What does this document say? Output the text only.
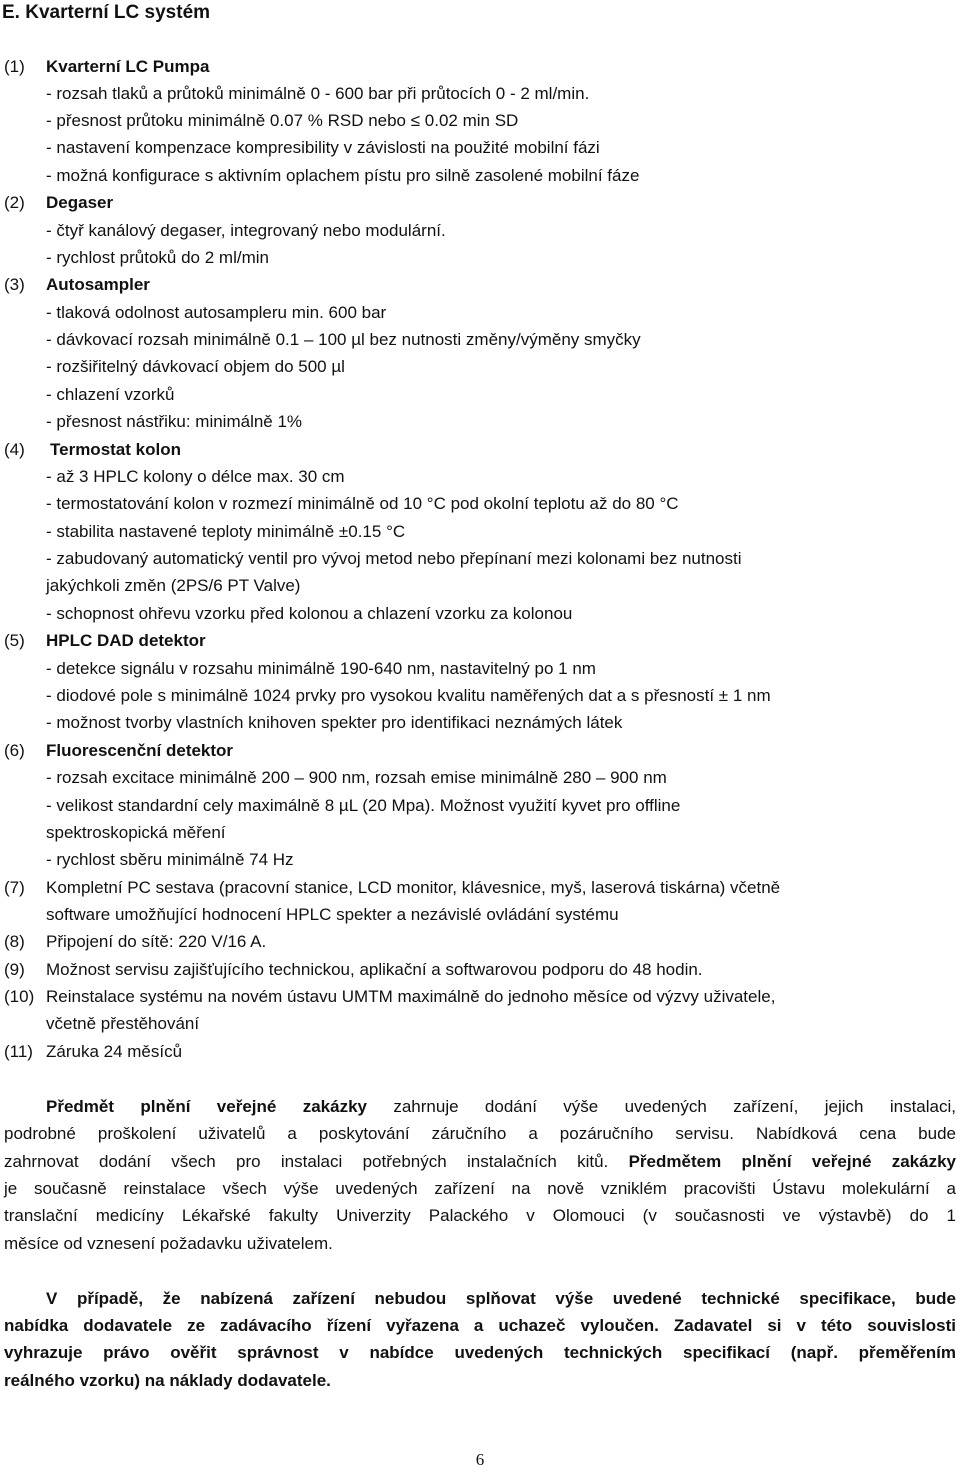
E. Kvarterní LC systém
(1) Kvarterní LC Pumpa
- rozsah tlaků a průtoků minimálně 0 - 600 bar při průtocích 0 - 2 ml/min.
- přesnost průtoku minimálně 0.07 % RSD nebo ≤ 0.02 min SD
- nastavení kompenzace kompresibility v závislosti na použité mobilní fázi
- možná konfigurace s aktivním oplachem pístu pro silně zasolené mobilní fáze
(2) Degaser
- čtyř kanálový degaser, integrovaný nebo modulární.
- rychlost průtoků do 2 ml/min
(3) Autosampler
- tlaková odolnost autosampleru min. 600 bar
- dávkovací rozsah minimálně 0.1 – 100 µl bez nutnosti změny/výměny smyčky
- rozšiřitelný dávkovací objem do 500 µl
- chlazení vzorků
- přesnost nástřiku: minimálně 1%
(4) Termostat kolon
- až 3 HPLC kolony o délce max. 30 cm
- termostatování kolon v rozmezí minimálně od 10 °C pod okolní teplotu až do 80 °C
- stabilita nastavené teploty minimálně ±0.15 °C
- zabudovaný automatický ventil pro vývoj metod nebo přepínaní mezi kolonami bez nutnosti
jakýchkoli změn (2PS/6 PT Valve)
- schopnost ohřevu vzorku před kolonou a chlazení vzorku za kolonou
(5) HPLC DAD detektor
- detekce signálu v rozsahu minimálně 190-640 nm, nastavitelný po 1 nm
- diodové pole s minimálně 1024 prvky pro vysokou kvalitu naměřených dat a s přesností ± 1 nm
- možnost tvorby vlastních knihoven spekter pro identifikaci neznámých látek
(6) Fluorescenční detektor
- rozsah excitace minimálně 200 – 900 nm, rozsah emise minimálně 280 – 900 nm
- velikost standardní cely maximálně 8 µL (20 Mpa). Možnost využití kyvet pro offline
spektroskopická měření
- rychlost sběru minimálně 74 Hz
(7) Kompletní PC sestava (pracovní stanice, LCD monitor, klávesnice, myš, laserová tiskárna) včetně
software umožňující hodnocení HPLC spekter a nezávislé ovládání systému
(8) Připojení do sítě: 220 V/16 A.
(9) Možnost servisu zajišťujícího technickou, aplikační a softwarovou podporu do 48 hodin.
(10) Reinstalace systému na novém ústavu UMTM maximálně do jednoho měsíce od výzvy uživatele,
včetně přestěhování
(11) Záruka 24 měsíců
Předmět plnění veřejné zakázky zahrnuje dodání výše uvedených zařízení, jejich instalaci,
podrobné proškolení uživatelů a poskytování záručního a pozáručního servisu. Nabídková cena bude
zahrnovat dodání všech pro instalaci potřebných instalačních kitů. Předmětem plnění veřejné zakázky
je současně reinstalace všech výše uvedených zařízení na nově vzniklém pracovišti Ústavu molekulární a
translační medicíny Lékařské fakulty Univerzity Palackého v Olomouci (v současnosti ve výstavbě) do 1
měsíce od vznesení požadavku uživatelem.
V případě, že nabízená zařízení nebudou splňovat výše uvedené technické specifikace, bude
nabídka dodavatele ze zadávacího řízení vyřazena a uchazeč vyloučen. Zadavatel si v této souvislosti
vyhrazuje právo ověřit správnost v nabídce uvedených technických specifikací (např. přeměřením
reálného vzorku) na náklady dodavatele.
6
